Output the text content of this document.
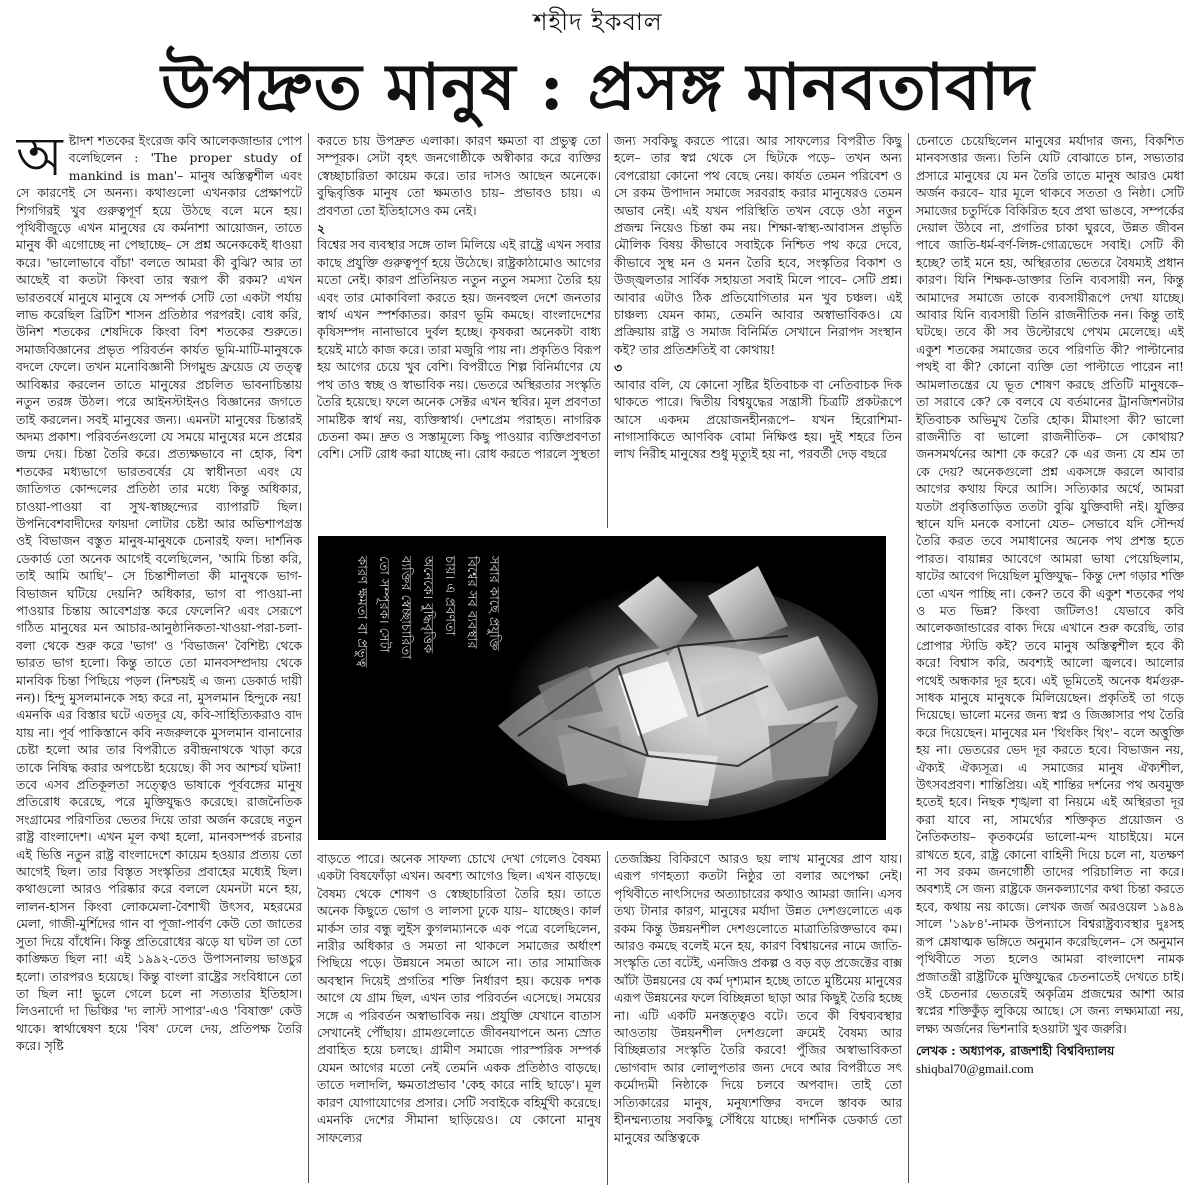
শহীদ ইকবাল
উপদ্রুত মানুষ : প্রসঙ্গ মানবতাবাদ

অ ষ্টাদশ শতকের ইংরেজ কবি আলেকজান্ডার পোপ বলেছিলেন : 'The proper study of mankind is man'– মানুষ অস্তিত্বশীল এবং সে কারণেই সে অনন্য। কথাগুলো এখনকার প্রেক্ষাপটে শিগগিরই খুব গুরুত্বপূর্ণ হয়ে উঠছে বলে মনে হয়। পৃথিবীজুড়ে এখন মানুষের যে কর্মনাশা আয়োজন, তাতে মানুষ কী এগোচ্ছে না পেছাচ্ছে– সে প্রশ্ন অনেককেই ধাওয়া করে। 'ভালোভাবে বাঁচা' বলতে আমরা কী বুঝি? আর তা আছেই বা কতটা কিংবা তার স্বরূপ কী রকম? এখন ভারতবর্ষে মানুষে মানুষে যে সম্পর্ক সেটি তো একটা পর্যায় লাভ করেছিল ব্রিটিশ শাসন প্রতিষ্ঠার পরপরই। বোধ করি, উনিশ শতকের শেষদিকে কিংবা বিশ শতকের শুরুতে। সমাজবিজ্ঞানের প্রভৃত পরিবর্তন কার্যত ভূমি-মাটি-মানুষকে বদলে ফেলে। তখন মনোবিজ্ঞানী সিগমুন্ড ফ্রয়েড যে তত্ত্ব আবিষ্কার করলেন তাতে মানুষের প্রচলিত ভাবনাচিন্তায় নতুন তরঙ্গ উঠল। পরে আইনস্টাইনও বিজ্ঞানের জগতে তাই করলেন। সবই মানুষের জন্য। এমনটা মানুষের চিন্তারই অদম্য প্রকাশ। পরিবর্তনগুলো যে সময়ে মানুষের মনে প্রশ্নের জন্ম দেয়। চিন্তা তৈরি করে। প্রত্যক্ষভাবে না হোক, বিশ শতকের মধ্যভাগে ভারতবর্ষের যে স্বাধীনতা এবং যে জাতিগত কোন্দলের প্রতিষ্ঠা তার মধ্যে কিন্তু অধিকার, চাওয়া-পাওয়া বা সুখ-স্বাচ্ছন্দ্যের ব্যাপারটি ছিল। উপনিবেশবাদীদের ফায়দা লোটার চেষ্টা আর অভিশাপগ্রস্ত ওই বিভাজন বস্তুত মানুষ-মানুষকে চেনারই ফল। দার্শনিক ডেকার্ড তো অনেক আগেই বলেছিলেন, 'আমি চিন্তা করি, তাই আমি আছি'– সে চিন্তাশীলতা কী মানুষকে ভাগ-বিভাজন ঘটিয়ে দেয়নি? অধিকার, ভাগ বা পাওয়া-না পাওয়ার চিন্তায় আবেশগ্রস্ত করে ফেলেনি? এবং সেরূপে গঠিত মানুষের মন আচার-আনুষ্ঠানিকতা-খাওয়া-পরা-চলা-বলা থেকে শুরু করে 'ভাগ' ও 'বিভাজন' বৈশিষ্ট্য থেকে ভারত ভাগ হলো। কিন্তু তাতে তো মানবসম্প্রদায় থেকে মানবিক চিন্তা পিছিয়ে পড়ল (নিশ্চয়ই এ জন্য ডেকার্ড দায়ী নন)। হিন্দু মুসলমানকে সহ্য করে না, মুসলমান হিন্দুকে নয়! এমনকি এর বিস্তার ঘটে এতদূর যে, কবি-সাহিত্যিকরাও বাদ যায় না। পূর্ব পাকিস্তানে কবি নজরুলকে মুসলমান বানানোর চেষ্টা হলো আর তার বিপরীতে রবীন্দ্রনাথকে খাড়া করে তাকে নিষিদ্ধ করার অপচেষ্টা হয়েছে। কী সব আশ্চর্য ঘটনা! তবে এসব প্রতিকূলতা সত্ত্বেও ভাষাকে পূর্ববঙ্গের মানুষ প্রতিরোধ করেছে, পরে মুক্তিযুদ্ধও করেছে। রাজনৈতিক সংগ্রামের পরিণতির ভেতর দিয়ে তারা অর্জন করেছে নতুন রাষ্ট্র বাংলাদেশ। এখন মূল কথা হলো, মানবসম্পর্ক রচনার এই ভিত্তি নতুন রাষ্ট্র বাংলাদেশে কায়েম হওয়ার প্রত্যয় তো আগেই ছিল। তার বিস্তৃত সংস্কৃতির প্রবাহের মধ্যেই ছিল। কথাগুলো আরও পরিষ্কার করে বললে যেমনটা মনে হয়, লালন-হাসন কিংবা লোকমেলা-বৈশাখী উৎসব, মহরমের মেলা, গাজী-মুর্শিদের গান বা পূজা-পার্বণ কেউ তো জাতের সুতা দিয়ে বাঁধেনি। কিন্তু প্রতিরোধের ঝড়ে যা ঘটল তা তো কাঙ্ক্ষিত ছিল না! এই ১৯৯২-তেও উপাসনালয় ভাঙচুর হলো। তারপরও হয়েছে। কিন্তু বাংলা রাষ্ট্রের সংবিধানে তো তা ছিল না! ভুলে গেলে চলে না সত্যতার ইতিহাস। লিওনার্দো দা ভিঞ্চির 'দ্য লাস্ট সাপার'-এও 'বিষাক্ত' কেউ থাকে। স্বার্থান্বেষণ হয়ে 'বিষ' ঢেলে দেয়, প্রতিপক্ষ তৈরি করে। সৃষ্টি

করতে চায় উপদ্রুত এলাকা। কারণ ক্ষমতা বা প্রভুত্ব তো সম্পূরক। সেটা বৃহৎ জনগোষ্ঠীকে অস্বীকার করে ব্যক্তির স্বেচ্ছাচারিতা কায়েম করে। তার দাসও আছেন অনেকে। বুদ্ধিবৃত্তিক মানুষ তো ক্ষমতাও চায়– প্রভাবও চায়। এ প্রবণতা তো ইতিহাসেও কম নেই।

২

বিশ্বের সব ব্যবস্থার সঙ্গে তাল মিলিয়ে এই রাষ্ট্রে এখন সবার কাছে প্রযুক্তি গুরুত্বপূর্ণ হয়ে উঠেছে। রাষ্ট্রকাঠামোও আগের মতো নেই। কারণ প্রতিনিয়ত নতুন নতুন সমস্যা তৈরি হয় এবং তার মোকাবিলা করতে হয়। জনবহুল দেশে জনতার স্বার্থ এখন স্পর্শকাতর। কারণ ভূমি কমছে। বাংলাদেশের কৃষিসম্পদ নানাভাবে দুর্বল হচ্ছে। কৃষকরা অনেকটা বাধ্য হয়েই মাঠে কাজ করে। তারা মজুরি পায় না। প্রকৃতিও বিরূপ হয় আগের চেয়ে খুব বেশি। বিপরীতে শিল্প বিনির্মাণের যে পথ তাও স্বচ্ছ ও স্বাভাবিক নয়। ভেতরে অস্থিরতার সংস্কৃতি তৈরি হয়েছে। ফলে অনেক সেক্টর এখন স্থবির। মূল প্রবণতা সামষ্টিক স্বার্থ নয়, ব্যক্তিস্বার্থ। দেশপ্রেম পরাহত। নাগরিক চেতনা কম। দ্রুত ও সস্তামূল্যে কিছু পাওয়ার ব্যক্তিপ্রবণতা বেশি। সেটি রোধ করা যাচ্ছে না। রোধ করতে পারলে সুস্থতা

জন্য সবকিছু করতে পারে। আর সাফল্যের বিপরীত কিছু হলে– তার স্বপ্ন থেকে সে ছিটকে পড়ে– তখন অন্য বেপরোয়া কোনো পথ বেছে নেয়। কার্যত তেমন পরিবেশ ও সে রকম উপাদান সমাজে সরবরাহ করার মানুষেরও তেমন অভাব নেই। এই যখন পরিস্থিতি তখন বেড়ে ওঠা নতুন প্রজন্ম নিয়েও চিন্তা কম নয়। শিক্ষা-স্বাস্থ্য-আবাসন প্রভৃতি মৌলিক বিষয় কীভাবে সবাইকে নিশ্চিত পথ করে দেবে, কীভাবে সুস্থ মন ও মনন তৈরি হবে, সংস্কৃতির বিকাশ ও উজ্জ্বলতার সার্বিক সহায়তা সবাই মিলে পাবে– সেটি প্রশ্ন। আবার এটাও ঠিক প্রতিযোগিতার মন খুব চঞ্চল। এই চাঞ্চল্য যেমন কাম্য, তেমনি আবার অস্বাভাবিকও। যে প্রক্রিয়ায় রাষ্ট্র ও সমাজ বিনির্মিত সেখানে নিরাপদ সংস্থান কই? তার প্রতিশ্রুতিই বা কোথায়!

৩

আবার বলি, যে কোনো সৃষ্টির ইতিবাচক বা নেতিবাচক দিক থাকতে পারে। দ্বিতীয় বিশ্বযুদ্ধের সন্ত্রাসী চিত্রটি প্রকটরূপে আসে একদম প্রয়োজনহীনরূপে– যখন হিরোশিমা-নাগাসাকিতে আণবিক বোমা নিক্ষিপ্ত হয়। দুই শহরে তিন লাখ নিরীহ মানুষের শুধু মৃত্যুই হয় না, পরবর্তী দেড় বছরে

চেনাতে চেয়েছিলেন মানুষের মর্যাদার জন্য, বিকশিত মানবসত্তার জন্য। তিনি যেটি বোঝাতে চান, সভ্যতার প্রসারে মানুষের যে মন তৈরি তাতে মানুষ আরও মেধা অর্জন করবে– যার মূলে থাকবে সততা ও নিষ্ঠা। সেটি সমাজের চতুর্দিকে বিকিরিত হবে প্রথা ভাঙবে, সম্পর্কের দেয়াল উঠবে না, প্রগতির চাকা ঘুরবে, উন্নত জীবন পাবে জাতি-ধর্ম-বর্ণ-লিঙ্গ-গোত্রভেদে সবাই। সেটি কী হচ্ছে? তাই মনে হয়, অস্থিরতার ভেতরে বৈষম্যই প্রধান কারণ। যিনি শিক্ষক-ডাক্তার তিনি ব্যবসায়ী নন, কিন্তু আমাদের সমাজে তাকে ব্যবসায়ীরূপে দেখা যাচ্ছে। আবার যিনি ব্যবসায়ী তিনি রাজনীতিক নন। কিন্তু তাই ঘটছে। তবে কী সব উল্টোরথে পেখম মেলেছে। এই একুশ শতকের সমাজের তবে পরিণতি কী? পাল্টানোর পথই বা কী? কোনো ব্যক্তি তো পাল্টাতে পারেন না! আমলাতন্ত্রের যে ভূত শোষণ করছে প্রতিটি মানুষকে– তা সরাবে কে? কে বলবে যে বর্তমানের ট্রানজিশনটার ইতিবাচক অভিমুখ তৈরি হোক। মীমাংসা কী? ভালো রাজনীতি বা ভালো রাজনীতিক– সে কোথায়? জনসমর্থনের আশা কে করে? কে এর জন্য যে শ্রম তা কে দেয়? অনেকগুলো প্রশ্ন একসঙ্গে করলে আবার আগের কথায় ফিরে আসি। সত্যিকার অর্থে, আমরা যতটা প্রবৃত্তিতাড়িত ততটা বুঝি যুক্তিবাদী নই। যুক্তির স্থানে যদি মনকে বসানো যেত– সেভাবে যদি সৌন্দর্য তৈরি করত তবে সমাধানের অনেক পথ প্রশস্ত হতে পারত। বায়ান্নর আবেগে আমরা ভাষা পেয়েছিলাম, ষাটের আবেগ দিয়েছিল মুক্তিযুদ্ধ– কিন্তু দেশ গড়ার শক্তি তো এখন পাচ্ছি না। কেন? তবে কী একুশ শতকের পথ ও মত ভিন্ন? কিংবা জটিলও! যেভাবে কবি আলেকজান্ডারের বাক্য দিয়ে এখানে শুরু করেছি, তার প্রোপার স্টাডি কই? তবে মানুষ অস্তিত্বশীল হবে কী করে! বিশ্বাস করি, অবশ্যই আলো জ্বলবে। আলোর পথেই অন্ধকার দূর হবে। এই ভূমিতেই অনেক ধর্মগুরু-সাধক মানুষে মানুষকে মিলিয়েছেন। প্রকৃতিই তা গড়ে দিয়েছে। ভালো মনের জন্য স্বপ্ন ও জিজ্ঞাসার পথ তৈরি করে দিয়েছেন। মানুষের মন 'থিংকিং থিং'– বলে অত্তুক্তি হয় না। ভেতরের ভেদ দূর করতে হবে। বিভাজন নয়, ঐক্যই ঐক্যসূত্র। এ সমাজের মানুষ ঐক্যশীল, উৎসবপ্রবণ। শান্তিপ্রিয়। এই শান্তির দর্শনের পথ অবমুক্ত হতেই হবে। নিছক শৃঙ্খলা বা নিয়মে এই অস্থিরতা দূর করা যাবে না, সামর্থ্যের শক্তিকৃত প্রয়োজন ও নৈতিকতায়– কৃতকর্মের ভালো-মন্দ যাচাইয়ে। মনে রাখতে হবে, রাষ্ট্র কোনো বাহিনী দিয়ে চলে না, যতক্ষণ না সব রকম জনগোষ্ঠী তাদের পরিচালিত না করে। অবশ্যই সে জন্য রাষ্ট্রকে জনকল্যাণের কথা চিন্তা করতে হবে, কথায় নয় কাজে। লেখক জর্জ অরওয়েল ১৯৪৯ সালে '১৯৮৪'-নামক উপন্যাসে বিশ্বরাষ্ট্রব্যবস্থার দুঃসহ রূপ শ্লেষাত্মক ভঙ্গিতে অনুমান করেছিলেন– সে অনুমান পৃথিবীতে সত্য হলেও আমরা বাংলাদেশ নামক প্রজাতন্ত্রী রাষ্ট্রটিকে মুক্তিযুদ্ধের চেতনাতেই দেখতে চাই। ওই চেতনার ভেতরেই অকৃত্রিম প্রজন্মের আশা আর স্বপ্নের শক্তিকুঁড় লুকিয়ে আছে। সে জন্য লক্ষ্যমাত্রা নয়, লক্ষ্য অর্জনের ভিশনারি হওয়াটা খুব জরুরি।

লেখক : অধ্যাপক, রাজশাহী বিশ্ববিদ্যালয়
shiqbal70@gmail.com
কারণ ক্ষমতা বা প্রভুত্ব তো সম্পূরক। সেটা ব্যক্তির স্বেচ্ছাচারিতা অনেকে। বুদ্ধিবৃত্তিক চায়। এ প্রবণতা বিশ্বের সব ব্যবস্থার সবার কাছে প্রযুক্তি

বাড়তে পারে। অনেক সাফল্য চোখে দেখা গেলেও বৈষম্য একটা বিষফোঁড়া এখন। অবশ্য আগেও ছিল। এখন বাড়ছে। বৈষম্য থেকে শোষণ ও স্বেচ্ছাচারিতা তৈরি হয়। তাতে অনেক কিছুতে ভোগ ও লালসা ঢুকে যায়– যাচ্ছেও। কার্ল মার্কস তার বন্ধু লুইস কুগলম্যানকে এক পত্রে বলেছিলেন, নারীর অধিকার ও সমতা না থাকলে সমাজের অর্ধাংশ পিছিয়ে পড়ে। উন্নয়নে সমতা আসে না। তার সামাজিক অবস্থান দিয়েই প্রগতির শক্তি নির্ধারণ হয়। কয়েক দশক আগে যে গ্রাম ছিল, এখন তার পরিবর্তন এসেছে। সময়ের সঙ্গে এ পরিবর্তন অস্বাভাবিক নয়। প্রযুক্তি যেখানে বাতাস সেখানেই পৌঁছায়। গ্রামগুলোতে জীবনযাপনে অন্য স্রোত প্রবাহিত হয়ে চলছে। গ্রামীণ সমাজে পারস্পরিক সম্পর্ক যেমন আগের মতো নেই তেমনি একক প্রতিষ্ঠাও বাড়ছে। তাতে দলাদলি, ক্ষমতাপ্রভাব 'কেহ কারে নাহি ছাড়ে'। মূল কারণ যোগাযোগের প্রসার। সেটি সবাইকে বহির্মুখী করেছে। এমনকি দেশের সীমানা ছাড়িয়েও। যে কোনো মানুষ সাফল্যের

তেজস্ক্রিয় বিকিরণে আরও ছয় লাখ মানুষের প্রাণ যায়। এরূপ গণহত্যা কতটা নিষ্ঠুর তা বলার অপেক্ষা নেই। পৃথিবীতে নাৎসিদের অত্যাচারের কথাও আমরা জানি। এসব তথ্য টানার কারণ, মানুষের মর্যাদা উন্নত দেশগুলোতে এক রকম কিন্তু উন্নয়নশীল দেশগুলোতে মাত্রাতিরিক্তভাবে কম। আরও কমছে বলেই মনে হয়, কারণ বিশ্বায়নের নামে জাতি-সংস্কৃতি তো বটেই, এনজিও প্রকল্প ও বড় বড় প্রজেক্টের বাক্স আঁটা উন্নয়নের যে কর্ম দৃশ্যমান হচ্ছে তাতে মুষ্টিমেয় মানুষের এরূপ উন্নয়নের ফলে বিচ্ছিন্নতা ছাড়া আর কিছুই তৈরি হচ্ছে না। এটি একটি মনস্তত্ত্বও বটে। তবে কী বিশ্বব্যবস্থার আওতায় উন্নয়নশীল দেশগুলো ক্রমেই বৈষম্য আর বিচ্ছিন্নতার সংস্কৃতি তৈরি করবে! পুঁজির অস্বাভাবিকতা ভোগবাদ আর লোলুপতার জন্য দেবে আর বিপরীতে সৎ কর্মোদ্যমী নিষ্ঠাকে দিয়ে চলবে অপবাদ। তাই তো সত্যিকারের মানুষ, মনুষ্যশক্তির বদলে স্তাবক আর হীনম্মন্যতায় সবকিছু সেঁধিয়ে যাচ্ছে। দার্শনিক ডেকার্ড তো মানুষের অস্তিত্বকে
